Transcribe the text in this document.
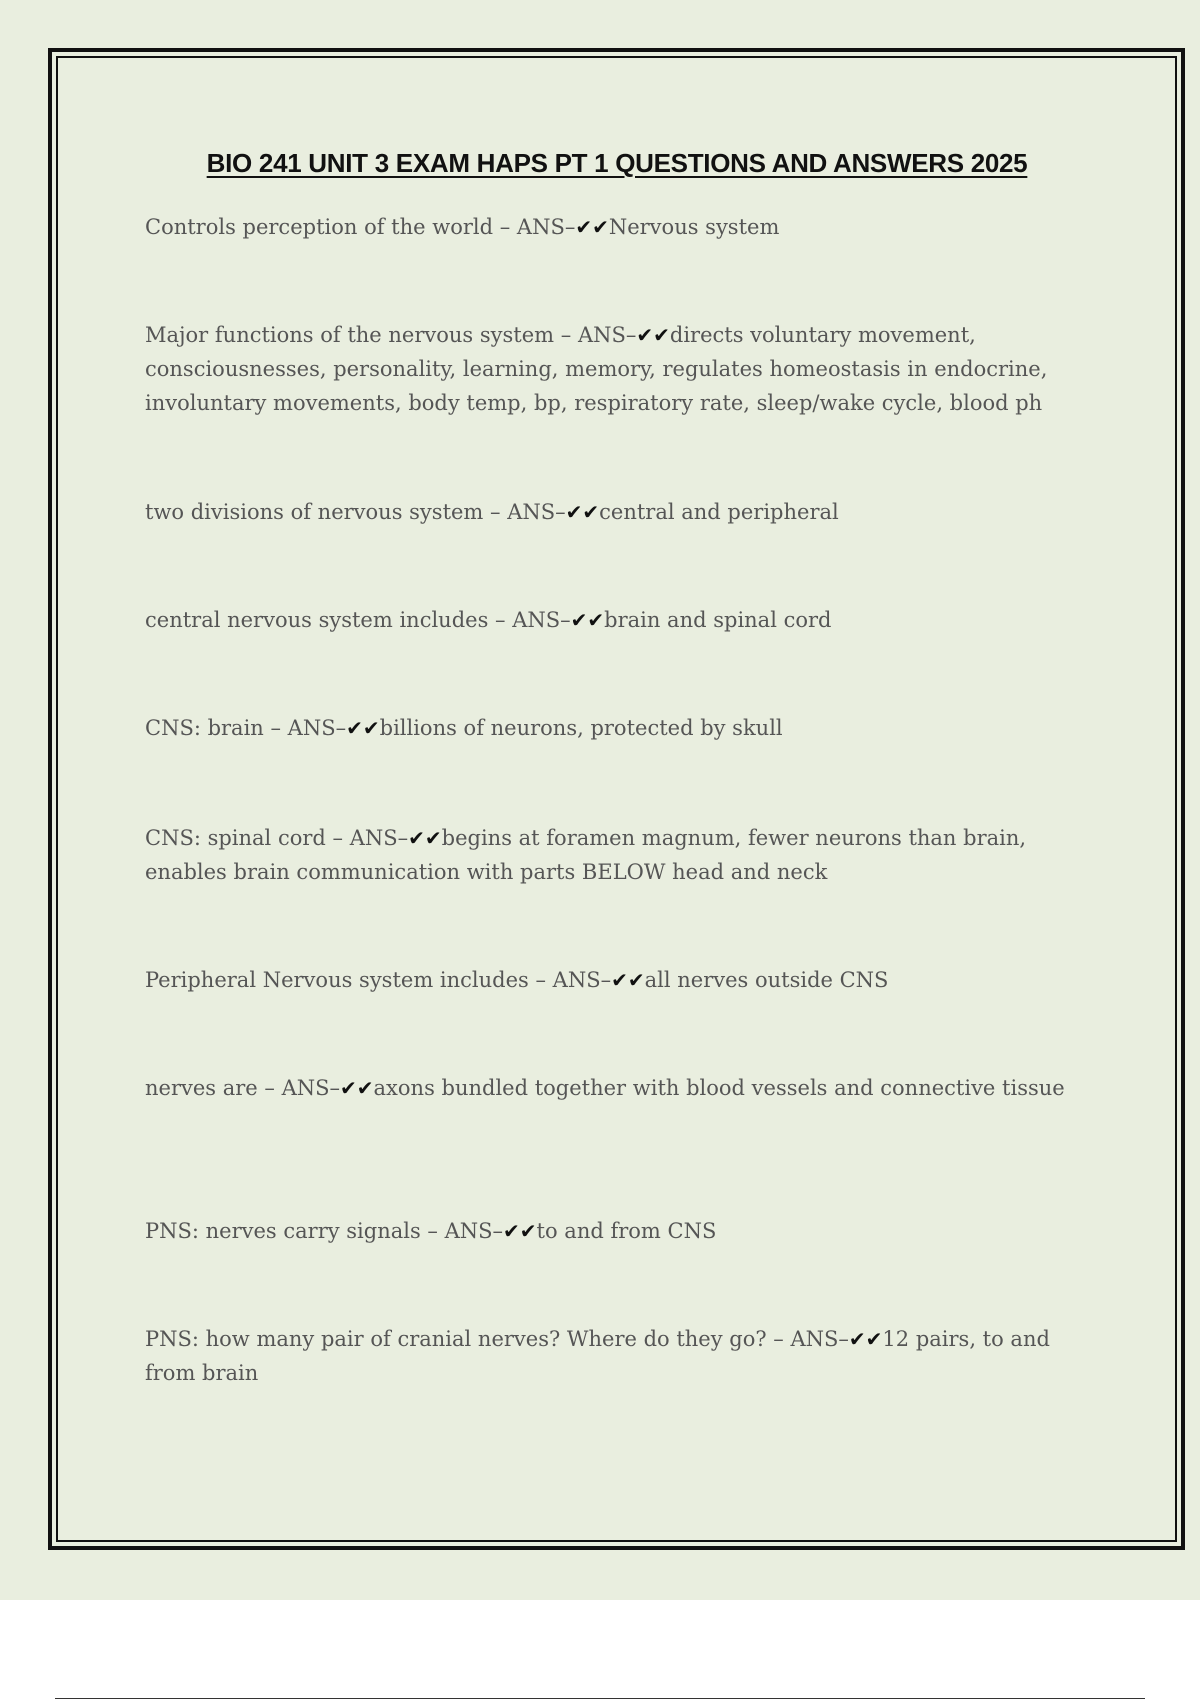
BIO 241 UNIT 3 EXAM HAPS PT 1 QUESTIONS AND ANSWERS 2025
Controls perception of the world – ANS–✔✔Nervous system
Major functions of the nervous system – ANS–✔✔directs voluntary movement, consciousnesses, personality, learning, memory, regulates homeostasis in endocrine, involuntary movements, body temp, bp, respiratory rate, sleep/wake cycle, blood ph
two divisions of nervous system – ANS–✔✔central and peripheral
central nervous system includes – ANS–✔✔brain and spinal cord
CNS: brain – ANS–✔✔billions of neurons, protected by skull
CNS: spinal cord – ANS–✔✔begins at foramen magnum, fewer neurons than brain, enables brain communication with parts BELOW head and neck
Peripheral Nervous system includes – ANS–✔✔all nerves outside CNS
nerves are – ANS–✔✔axons bundled together with blood vessels and connective tissue
PNS: nerves carry signals – ANS–✔✔to and from CNS
PNS: how many pair of cranial nerves? Where do they go? – ANS–✔✔12 pairs, to and from brain
